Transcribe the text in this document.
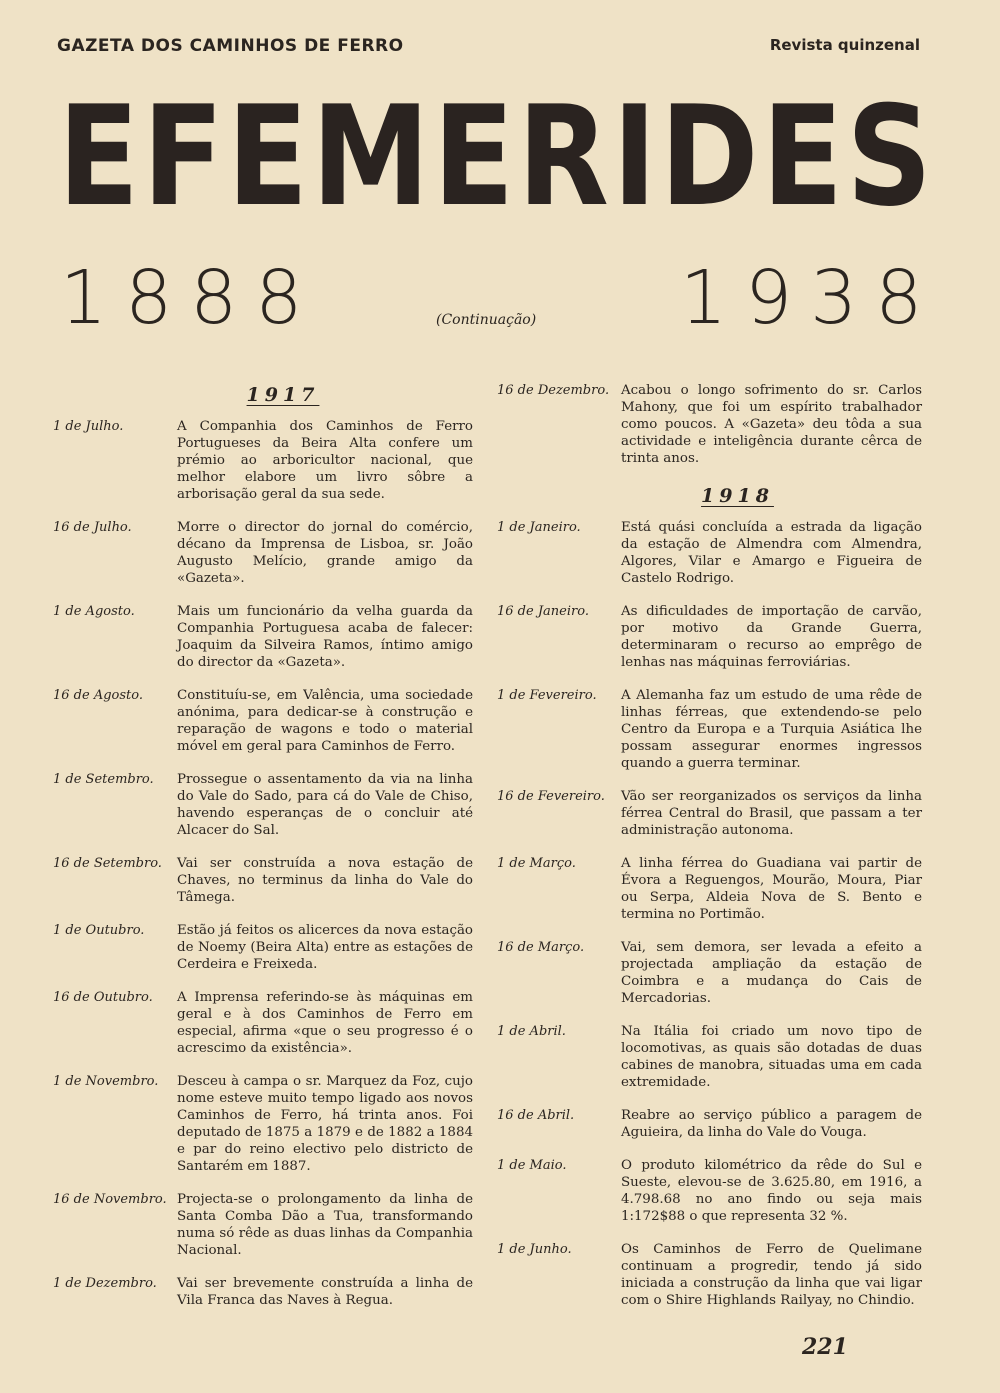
GAZETA DOS CAMINHOS DE FERRO	Revista quinzenal
EFEMERIDES
1888	(Continuação) 1938
1917
1 de Julho.	A Companhia dos Caminhos de Ferro Portugueses da Beira Alta confere um prémio ao arboricultor nacional, que melhor elabore um livro sôbre a arborisação geral da sua sede.
16 de Julho.	Morre o director do jornal do comércio, décano da Imprensa de Lisboa, sr. João Augusto Melício, grande amigo da «Gazeta».
1 de Agosto.	Mais um funcionário da velha guarda da Companhia Portuguesa acaba de falecer: Joaquim da Silveira Ramos, íntimo amigo do director da «Gazeta».
16 de Agosto.	Constituíu-se, em Valência, uma sociedade anónima, para dedicar-se à construção e reparação de wagons e todo o material móvel em geral para Caminhos de Ferro.
1 de Setembro.	Prossegue o assentamento da via na linha do Vale do Sado, para cá do Vale de Chiso, havendo esperanças de o concluir até Alcacer do Sal.
16 de Setembro.	Vai ser construída a nova estação de Chaves, no terminus da linha do Vale do Tâmega.
1 de Outubro.	Estão já feitos os alicerces da nova estação de Noemy (Beira Alta) entre as estações de Cerdeira e Freixeda.
16 de Outubro.	A Imprensa referindo-se às máquinas em geral e à dos Caminhos de Ferro em especial, afirma «que o seu progresso é o acrescimo da existência».
1 de Novembro.	Desceu à campa o sr. Marquez da Foz, cujo nome esteve muito tempo ligado aos novos Caminhos de Ferro, há trinta anos. Foi deputado de 1875 a 1879 e de 1882 a 1884 e par do reino electivo pelo districto de Santarém em 1887.
16 de Novembro. Projecta-se o prolongamento da linha de Santa Comba Dão a Tua, transformando numa só rêde as duas linhas da Companhia Nacional.
1 de Dezembro.	Vai ser brevemente construída a linha de Vila Franca das Naves à Regua.
16 de Dezembro. Acabou o longo sofrimento do sr. Carlos Mahony, que foi um espírito trabalhador como poucos. A «Gazeta» deu tôda a sua actividade e inteligência durante cêrca de trinta anos.
1918
1 de Janeiro.	Está quási concluída a estrada da ligação da estação de Almendra com Almendra, Algores, Vilar e Amargo e Figueira de Castelo Rodrigo.
16 de Janeiro.	As dificuldades de importação de carvão, por motivo da Grande Guerra, determinaram o recurso ao emprêgo de lenhas nas máquinas ferroviárias.
1 de Fevereiro.	A Alemanha faz um estudo de uma rêde de linhas férreas, que extendendo-se pelo Centro da Europa e a Turquia Asiática lhe possam assegurar enormes ingressos quando a guerra terminar.
16 de Fevereiro.	Vão ser reorganizados os serviços da linha férrea Central do Brasil, que passam a ter administração autonoma.
1 de Março.	A linha férrea do Guadiana vai partir de Évora a Reguengos, Mourão, Moura, Piar ou Serpa, Aldeia Nova de S. Bento e termina no Portimão.
16 de Março.	Vai, sem demora, ser levada a efeito a projectada ampliação da estação de Coimbra e a mudança do Cais de Mercadorias.
1 de Abril.	Na Itália foi criado um novo tipo de locomotivas, as quais são dotadas de duas cabines de manobra, situadas uma em cada extremidade.
16 de Abril.	Reabre ao serviço público a paragem de Aguieira, da linha do Vale do Vouga.
1 de Maio.	O produto kilométrico da rêde do Sul e Sueste, elevou-se de 3.625.80, em 1916, a 4.798.68 no ano findo ou seja mais 1:172$88 o que representa 32 %.
1 de Junho.	Os Caminhos de Ferro de Quelimane continuam a progredir, tendo já sido iniciada a construção da linha que vai ligar com o Shire Highlands Railyay, no Chindio.
221
